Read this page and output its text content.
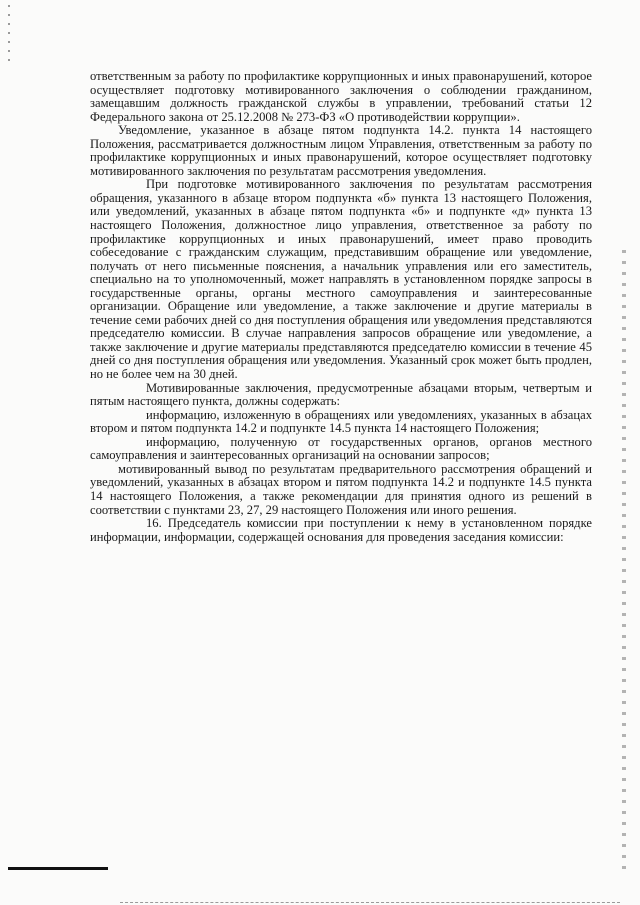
ответственным за работу по профилактике коррупционных и иных правонарушений, которое осуществляет подготовку мотивированного заключения о соблюдении гражданином, замещавшим должность гражданской службы в управлении, требований статьи 12 Федерального закона от 25.12.2008 № 273-ФЗ «О противодействии коррупции».

Уведомление, указанное в абзаце пятом подпункта 14.2. пункта 14 настоящего Положения, рассматривается должностным лицом Управления, ответственным за работу по профилактике коррупционных и иных правонарушений, которое осуществляет подготовку мотивированного заключения по результатам рассмотрения уведомления.

При подготовке мотивированного заключения по результатам рассмотрения обращения, указанного в абзаце втором подпункта «б» пункта 13 настоящего Положения, или уведомлений, указанных в абзаце пятом подпункта «б» и подпункте «д» пункта 13 настоящего Положения, должностное лицо управления, ответственное за работу по профилактике коррупционных и иных правонарушений, имеет право проводить собеседование с гражданским служащим, представившим обращение или уведомление, получать от него письменные пояснения, а начальник управления или его заместитель, специально на то уполномоченный, может направлять в установленном порядке запросы в государственные органы, органы местного самоуправления и заинтересованные организации. Обращение или уведомление, а также заключение и другие материалы в течение семи рабочих дней со дня поступления обращения или уведомления представляются председателю комиссии. В случае направления запросов обращение или уведомление, а также заключение и другие материалы представляются председателю комиссии в течение 45 дней со дня поступления обращения или уведомления. Указанный срок может быть продлен, но не более чем на 30 дней.

Мотивированные заключения, предусмотренные абзацами вторым, четвертым и пятым настоящего пункта, должны содержать:

информацию, изложенную в обращениях или уведомлениях, указанных в абзацах втором и пятом подпункта 14.2 и подпункте 14.5 пункта 14 настоящего Положения;

информацию, полученную от государственных органов, органов местного самоуправления и заинтересованных организаций на основании запросов;

мотивированный вывод по результатам предварительного рассмотрения обращений и уведомлений, указанных в абзацах втором и пятом подпункта 14.2 и подпункте 14.5 пункта 14 настоящего Положения, а также рекомендации для принятия одного из решений в соответствии с пунктами 23, 27, 29 настоящего Положения или иного решения.

16. Председатель комиссии при поступлении к нему в установленном порядке информации, информации, содержащей основания для проведения заседания комиссии:
